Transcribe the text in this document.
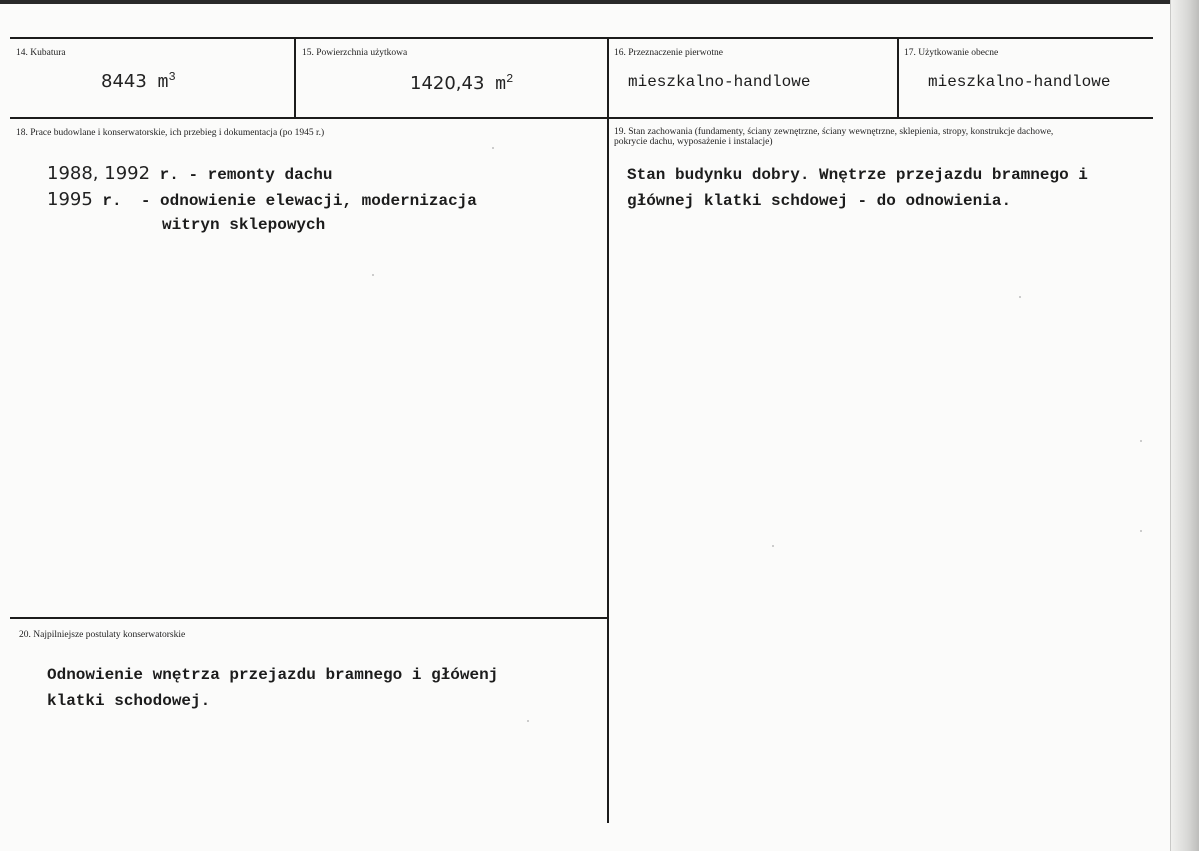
14. Kubatura
8443 $m^3$
15. Powierzchnia użytkowa
1420,43 $m^2$
16. Przeznaczenie pierwotne
mieszkalno-handlowe
17. Użytkowanie obecne
mieszkalno-handlowe
18. Prace budowlane i konserwatorskie, ich przebieg i dokumentacja (po 1945 r.)
1988, 1992 r. - remonty dachu
1995 r.  - odnowienie elewacji, modernizacja
witryn sklepowych
19. Stan zachowania (fundamenty, ściany zewnętrzne, ściany wewnętrzne, sklepienia, stropy, konstrukcje dachowe,
pokrycie dachu, wyposażenie i instalacje)
Stan budynku dobry. Wnętrze przejazdu bramnego i
głównej klatki schdowej - do odnowienia.
20. Najpilniejsze postulaty konserwatorskie
Odnowienie wnętrza przejazdu bramnego i główenj
klatki schodowej.
